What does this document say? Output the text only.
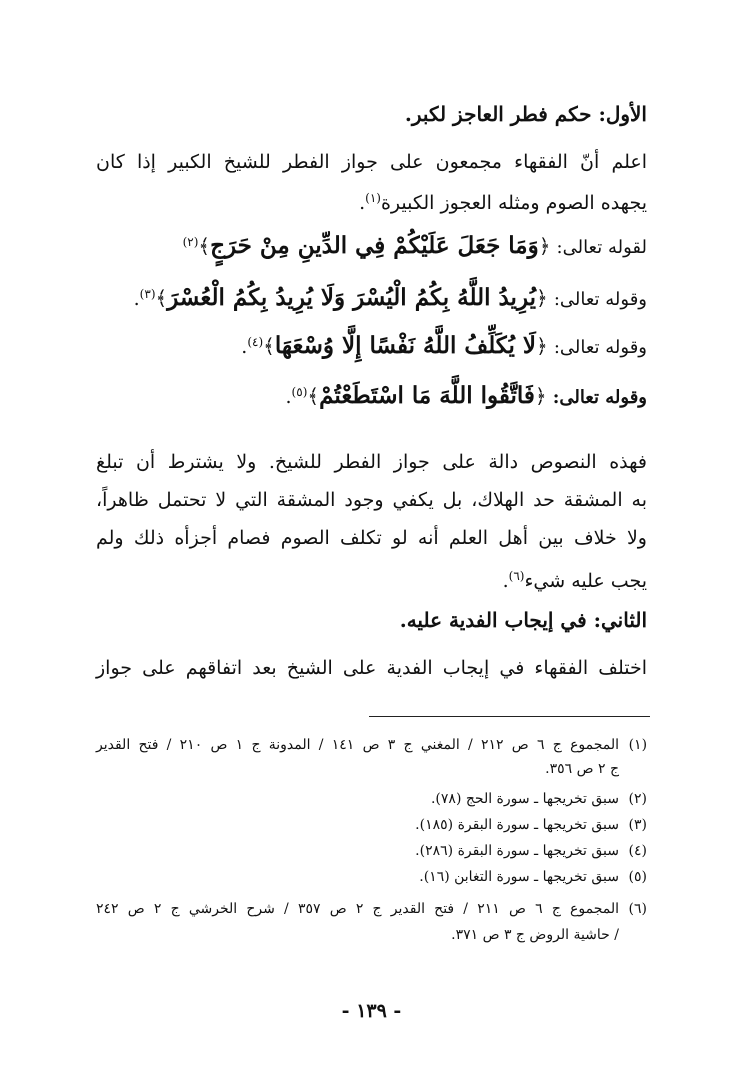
الأول: حكم فطر العاجز لكبر.
اعلم أنّ الفقهاء مجمعون على جواز الفطر للشيخ الكبير إذا كان
يجهده الصوم ومثله العجوز الكبيرة$^{(١)}$.
لقوله تعالى: ﴿وَمَا جَعَلَ عَلَيْكُمْ فِي الدِّينِ مِنْ حَرَجٍ﴾$^{(٢)}$
وقوله تعالى: ﴿يُرِيدُ اللَّهُ بِكُمُ الْيُسْرَ وَلَا يُرِيدُ بِكُمُ الْعُسْرَ﴾$^{(٣)}$.
وقوله تعالى: ﴿لَا يُكَلِّفُ اللَّهُ نَفْسًا إِلَّا وُسْعَهَا﴾$^{(٤)}$.
وقوله تعالى: ﴿فَاتَّقُوا اللَّهَ مَا اسْتَطَعْتُمْ﴾$^{(٥)}$.
فهذه النصوص دالة على جواز الفطر للشيخ. ولا يشترط أن تبلغ
به المشقة حد الهلاك، بل يكفي وجود المشقة التي لا تحتمل ظاهراً،
ولا خلاف بين أهل العلم أنه لو تكلف الصوم فصام أجزأه ذلك ولم
يجب عليه شيء$^{(٦)}$.
الثاني: في إيجاب الفدية عليه.
اختلف الفقهاء في إيجاب الفدية على الشيخ بعد اتفاقهم على جواز
(١)المجموع ج ٦ ص ٢١٢ / المغني ج ٣ ص ١٤١ / المدونة ج ١ ص ٢١٠ / فتح القدير
ج ٢ ص ٣٥٦.
(٢)سبق تخريجها ـ سورة الحج (٧٨).
(٣)سبق تخريجها ـ سورة البقرة (١٨٥).
(٤)سبق تخريجها ـ سورة البقرة (٢٨٦).
(٥)سبق تخريجها ـ سورة التغابن (١٦).
(٦)المجموع ج ٦ ص ٢١١ / فتح القدير ج ٢ ص ٣٥٧ / شرح الخرشي ج ٢ ص ٢٤٢
/ حاشية الروض ج ٣ ص ٣٧١.
- ١٣٩ -
